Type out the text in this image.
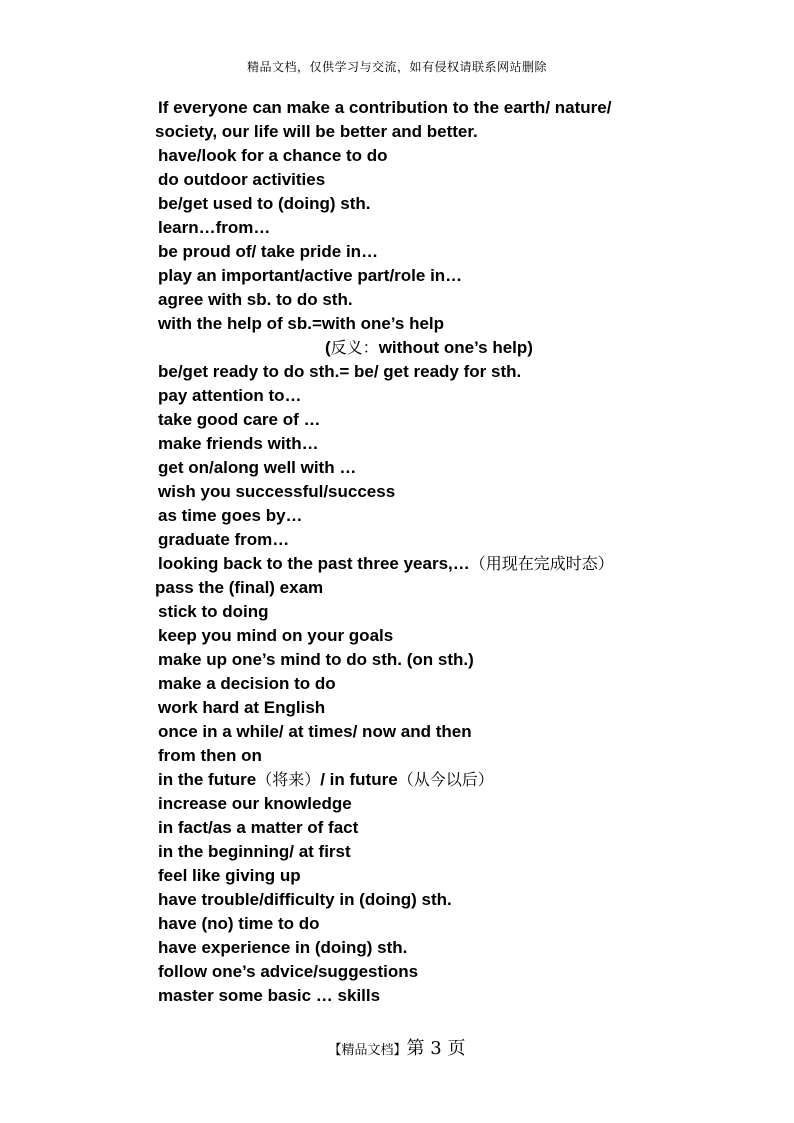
精品文档，仅供学习与交流，如有侵权请联系网站删除
If everyone can make a contribution to the earth/ nature/
society, our life will be better and better.
have/look for a chance to do
do outdoor activities
be/get used to (doing) sth.
learn…from…
be proud of/ take pride in…
play an important/active part/role in…
agree with sb. to do sth.
with the help of sb.=with one’s help
(反义：without one’s help)
be/get ready to do sth.= be/ get ready for sth.
pay attention to…
take good care of …
make friends with…
get on/along well with …
wish you successful/success
as time goes by…
graduate from…
looking back to the past three years,…（用现在完成时态）
pass the (final) exam
stick to doing
keep you mind on your goals
make up one’s mind to do sth. (on sth.)
make a decision to do
work hard at English
once in a while/ at times/ now and then
from then on
in the future（将来）/ in future（从今以后）
increase our knowledge
in fact/as a matter of fact
in the beginning/ at first
feel like giving up
have trouble/difficulty in (doing) sth.
have (no) time to do
have experience in (doing) sth.
follow one’s advice/suggestions
master some basic … skills
【精品文档】第 3 页
